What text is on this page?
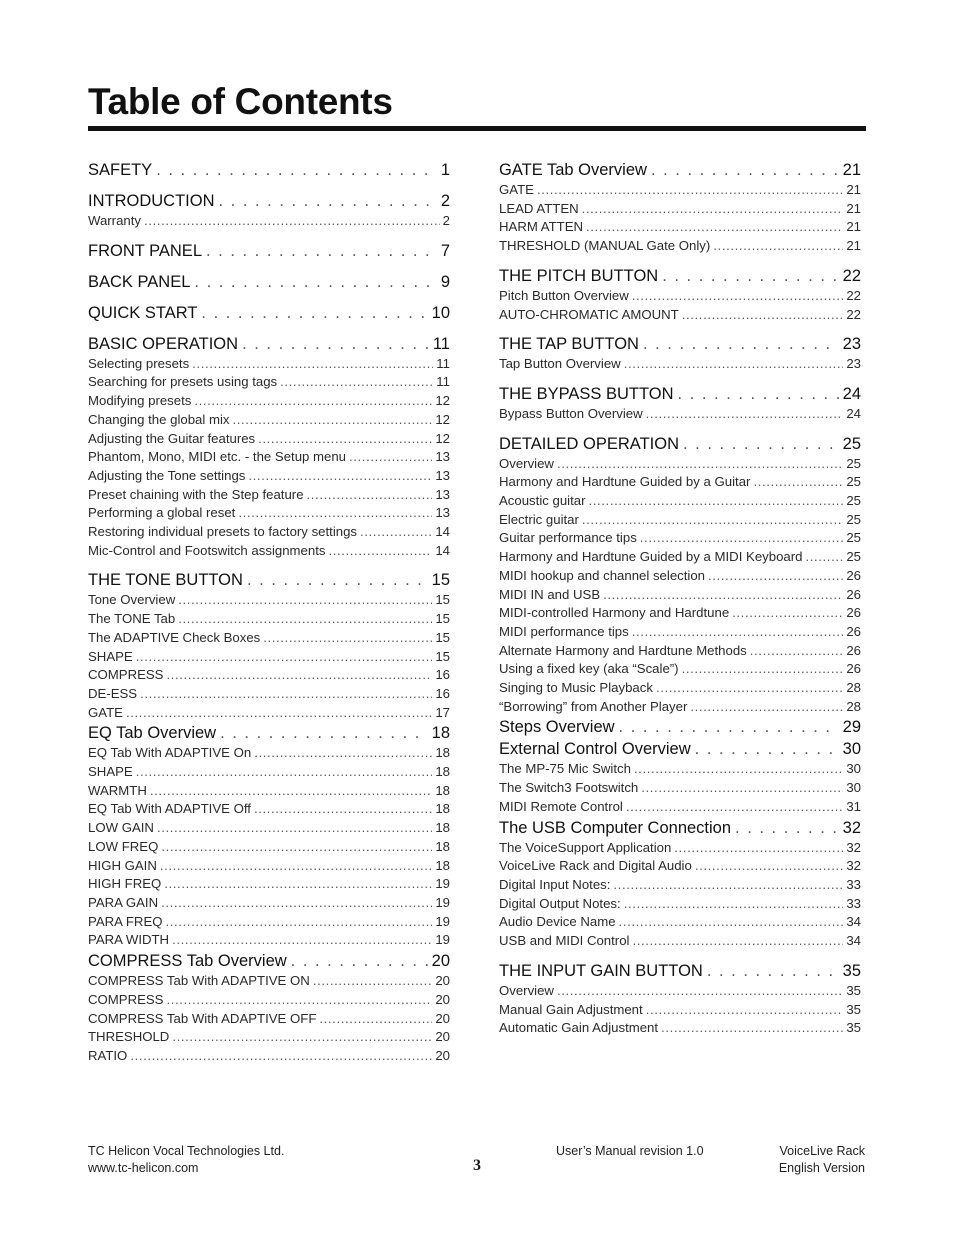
Table of Contents
SAFETY . . .	1
INTRODUCTION . . .	2
Warranty .....	2
FRONT PANEL . . .	7
BACK PANEL . . .	9
QUICK START . . .	10
BASIC OPERATION . . .	11
Selecting presets .....	11
Searching for presets using tags .....	11
Modifying presets .....	12
Changing the global mix .....	12
Adjusting the Guitar features .....	12
Phantom, Mono, MIDI etc. - the Setup menu .....	13
Adjusting the Tone settings .....	13
Preset chaining with the Step feature .....	13
Performing a global reset .....	13
Restoring individual presets to factory settings .....	14
Mic-Control and Footswitch assignments .....	14
THE TONE BUTTON . . .	15
Tone Overview .....	15
The TONE Tab .....	15
The ADAPTIVE Check Boxes .....	15
SHAPE .....	15
COMPRESS .....	16
DE-ESS .....	16
GATE .....	17
EQ Tab Overview . . .	18
EQ Tab With ADAPTIVE On .....	18
SHAPE .....	18
WARMTH .....	18
EQ Tab With ADAPTIVE Off .....	18
LOW GAIN .....	18
LOW FREQ .....	18
HIGH GAIN .....	18
HIGH FREQ .....	19
PARA GAIN .....	19
PARA FREQ .....	19
PARA WIDTH .....	19
COMPRESS Tab Overview . . .	20
COMPRESS Tab With ADAPTIVE ON .....	20
COMPRESS .....	20
COMPRESS Tab With ADAPTIVE OFF .....	20
THRESHOLD .....	20
RATIO .....	20
GATE Tab Overview . . .	21
GATE .....	21
LEAD ATTEN .....	21
HARM ATTEN .....	21
THRESHOLD (MANUAL Gate Only) .....	21
THE PITCH BUTTON . . .	22
Pitch Button Overview .....	22
AUTO-CHROMATIC AMOUNT .....	22
THE TAP BUTTON . . .	23
Tap Button Overview .....	23
THE BYPASS BUTTON . . .	24
Bypass Button Overview .....	24
DETAILED OPERATION . . .	25
Overview .....	25
Harmony and Hardtune Guided by a Guitar .....	25
Acoustic guitar .....	25
Electric guitar .....	25
Guitar performance tips .....	25
Harmony and Hardtune Guided by a MIDI Keyboard .....	25
MIDI hookup and channel selection .....	26
MIDI IN and USB .....	26
MIDI-controlled Harmony and Hardtune .....	26
MIDI performance tips .....	26
Alternate Harmony and Hardtune Methods .....	26
Using a fixed key (aka “Scale”) .....	26
Singing to Music Playback .....	28
“Borrowing” from Another Player .....	28
Steps Overview . . .	29
External Control Overview . . .	30
The MP-75 Mic Switch .....	30
The Switch3 Footswitch .....	30
MIDI Remote Control .....	31
The USB Computer Connection . . .	32
The VoiceSupport Application .....	32
VoiceLive Rack and Digital Audio .....	32
Digital Input Notes: .....	33
Digital Output Notes: .....	33
Audio Device Name .....	34
USB and MIDI Control .....	34
THE INPUT GAIN BUTTON . . .	35
Overview .....	35
Manual Gain Adjustment .....	35
Automatic Gain Adjustment .....	35
TC Helicon Vocal Technologies Ltd.
www.tc-helicon.com	3
User’s Manual revision 1.0	VoiceLive Rack
English Version
